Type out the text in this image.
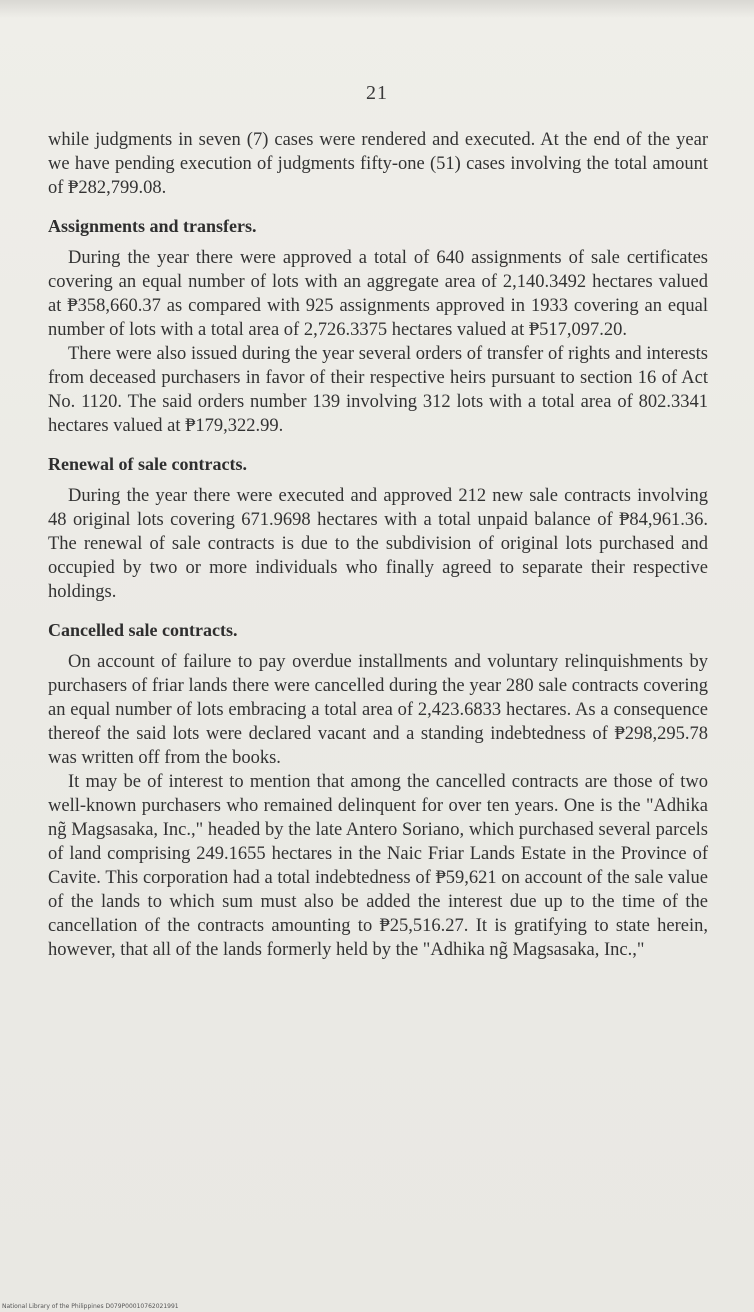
21

while judgments in seven (7) cases were rendered and executed. At the end of the year we have pending execution of judgments fifty-one (51) cases involving the total amount of ₱282,799.08.

Assignments and transfers.

During the year there were approved a total of 640 assignments of sale certificates covering an equal number of lots with an aggregate area of 2,140.3492 hectares valued at ₱358,660.37 as compared with 925 assignments approved in 1933 covering an equal number of lots with a total area of 2,726.3375 hectares valued at ₱517,097.20.

There were also issued during the year several orders of transfer of rights and interests from deceased purchasers in favor of their respective heirs pursuant to section 16 of Act No. 1120. The said orders number 139 involving 312 lots with a total area of 802.3341 hectares valued at ₱179,322.99.

Renewal of sale contracts.

During the year there were executed and approved 212 new sale contracts involving 48 original lots covering 671.9698 hectares with a total unpaid balance of ₱84,961.36. The renewal of sale contracts is due to the subdivision of original lots purchased and occupied by two or more individuals who finally agreed to separate their respective holdings.

Cancelled sale contracts.

On account of failure to pay overdue installments and voluntary relinquishments by purchasers of friar lands there were cancelled during the year 280 sale contracts covering an equal number of lots embracing a total area of 2,423.6833 hectares. As a consequence thereof the said lots were declared vacant and a standing indebtedness of ₱298,295.78 was written off from the books.

It may be of interest to mention that among the cancelled contracts are those of two well-known purchasers who remained delinquent for over ten years. One is the "Adhika ng̃ Magsasaka, Inc.," headed by the late Antero Soriano, which purchased several parcels of land comprising 249.1655 hectares in the Naic Friar Lands Estate in the Province of Cavite. This corporation had a total indebtedness of ₱59,621 on account of the sale value of the lands to which sum must also be added the interest due up to the time of the cancellation of the contracts amounting to ₱25,516.27. It is gratifying to state herein, however, that all of the lands formerly held by the "Adhika ng̃ Magsasaka, Inc.,"

National Library of the Philippines D079P00010762021991
